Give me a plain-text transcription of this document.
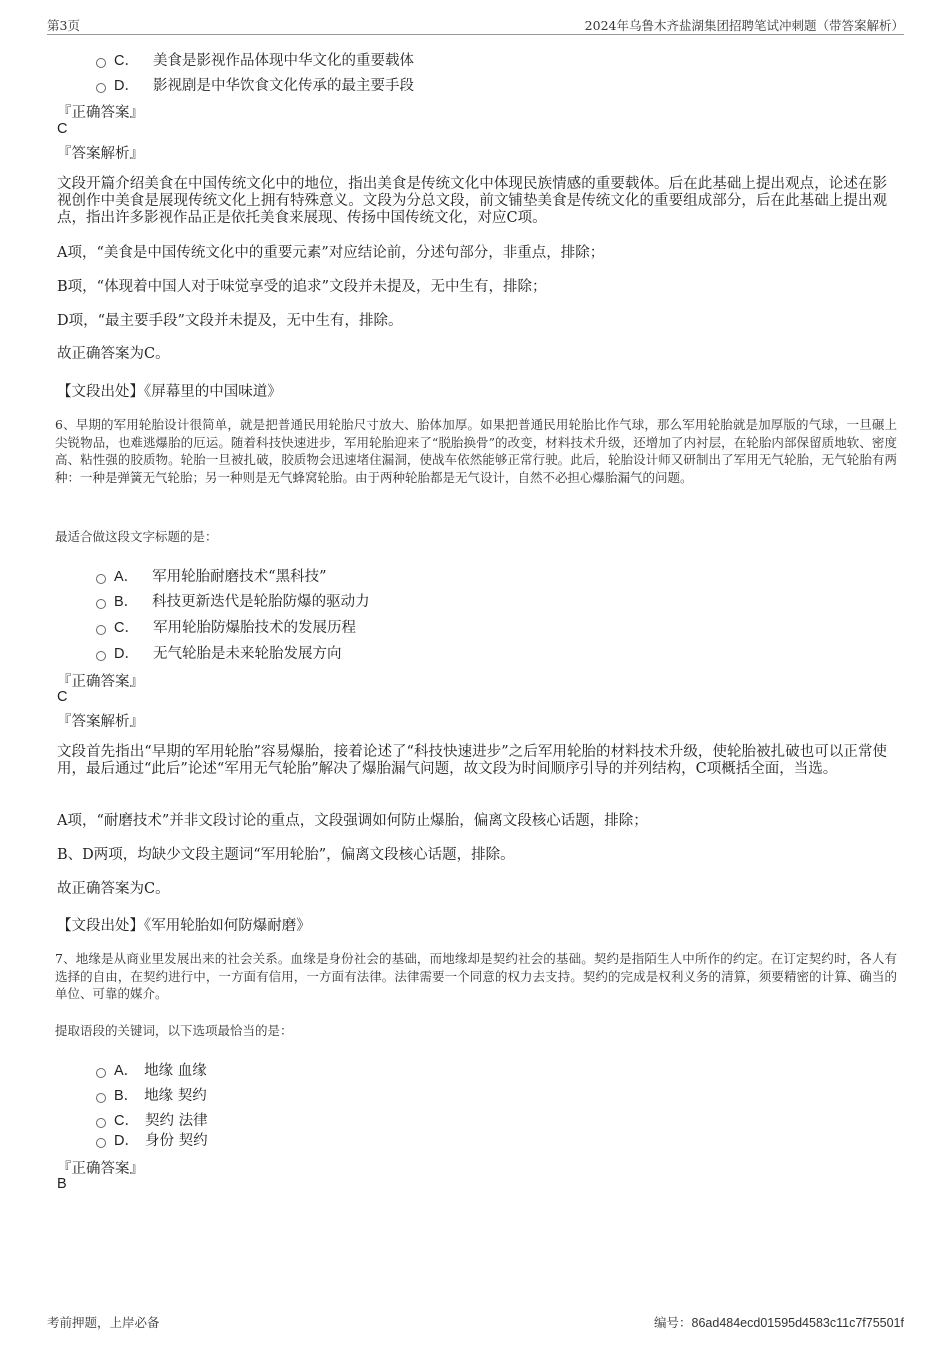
第3页	2024年乌鲁木齐盐湖集团招聘笔试冲刺题（带答案解析）
C． 美食是影视作品体现中华文化的重要载体
D． 影视剧是中华饮食文化传承的最主要手段
『正确答案』
C
『答案解析』
文段开篇介绍美食在中国传统文化中的地位，指出美食是传统文化中体现民族情感的重要载体。后在此基础上提出观点，论述在影视创作中美食是展现传统文化上拥有特殊意义。文段为分总文段，前文铺垫美食是传统文化的重要组成部分，后在此基础上提出观点，指出许多影视作品正是依托美食来展现、传扬中国传统文化，对应C项。
A项，“美食是中国传统文化中的重要元素”对应结论前，分述句部分，非重点，排除；
B项，“体现着中国人对于味觉享受的追求”文段并未提及，无中生有，排除；
D项，“最主要手段”文段并未提及，无中生有，排除。
故正确答案为C。
【文段出处】《屏幕里的中国味道》
6、早期的军用轮胎设计很简单，就是把普通民用轮胎尺寸放大、胎体加厚。如果把普通民用轮胎比作气球，那么军用轮胎就是加厚版的气球，一旦碾上尖锐物品，也难逃爆胎的厄运。随着科技快速进步，军用轮胎迎来了“脱胎换骨”的改变，材料技术升级，还增加了内衬层，在轮胎内部保留质地软、密度高、粘性强的胶质物。轮胎一旦被扎破，胶质物会迅速堵住漏洞，使战车依然能够正常行驶。此后，轮胎设计师又研制出了军用无气轮胎，无气轮胎有两种：一种是弹簧无气轮胎；另一种则是无气蜂窝轮胎。由于两种轮胎都是无气设计，自然不必担心爆胎漏气的问题。
最适合做这段文字标题的是：
A． 军用轮胎耐磨技术“黑科技”
B． 科技更新迭代是轮胎防爆的驱动力
C． 军用轮胎防爆胎技术的发展历程
D． 无气轮胎是未来轮胎发展方向
『正确答案』
C
『答案解析』
文段首先指出“早期的军用轮胎”容易爆胎，接着论述了“科技快速进步”之后军用轮胎的材料技术升级，使轮胎被扎破也可以正常使用，最后通过“此后”论述“军用无气轮胎”解决了爆胎漏气问题，故文段为时间顺序引导的并列结构，C项概括全面，当选。
A项，“耐磨技术”并非文段讨论的重点，文段强调如何防止爆胎，偏离文段核心话题，排除；
B、D两项，均缺少文段主题词“军用轮胎”，偏离文段核心话题，排除。
故正确答案为C。
【文段出处】《军用轮胎如何防爆耐磨》
7、地缘是从商业里发展出来的社会关系。血缘是身份社会的基础，而地缘却是契约社会的基础。契约是指陌生人中所作的约定。在订定契约时，各人有选择的自由，在契约进行中，一方面有信用，一方面有法律。法律需要一个同意的权力去支持。契约的完成是权利义务的清算，须要精密的计算、确当的单位、可靠的媒介。
提取语段的关键词，以下选项最恰当的是：
A． 地缘 血缘
B． 地缘 契约
C． 契约 法律
D． 身份 契约
『正确答案』
B
考前押题，上岸必备	编号：86ad484ecd01595d4583c11c7f75501f
